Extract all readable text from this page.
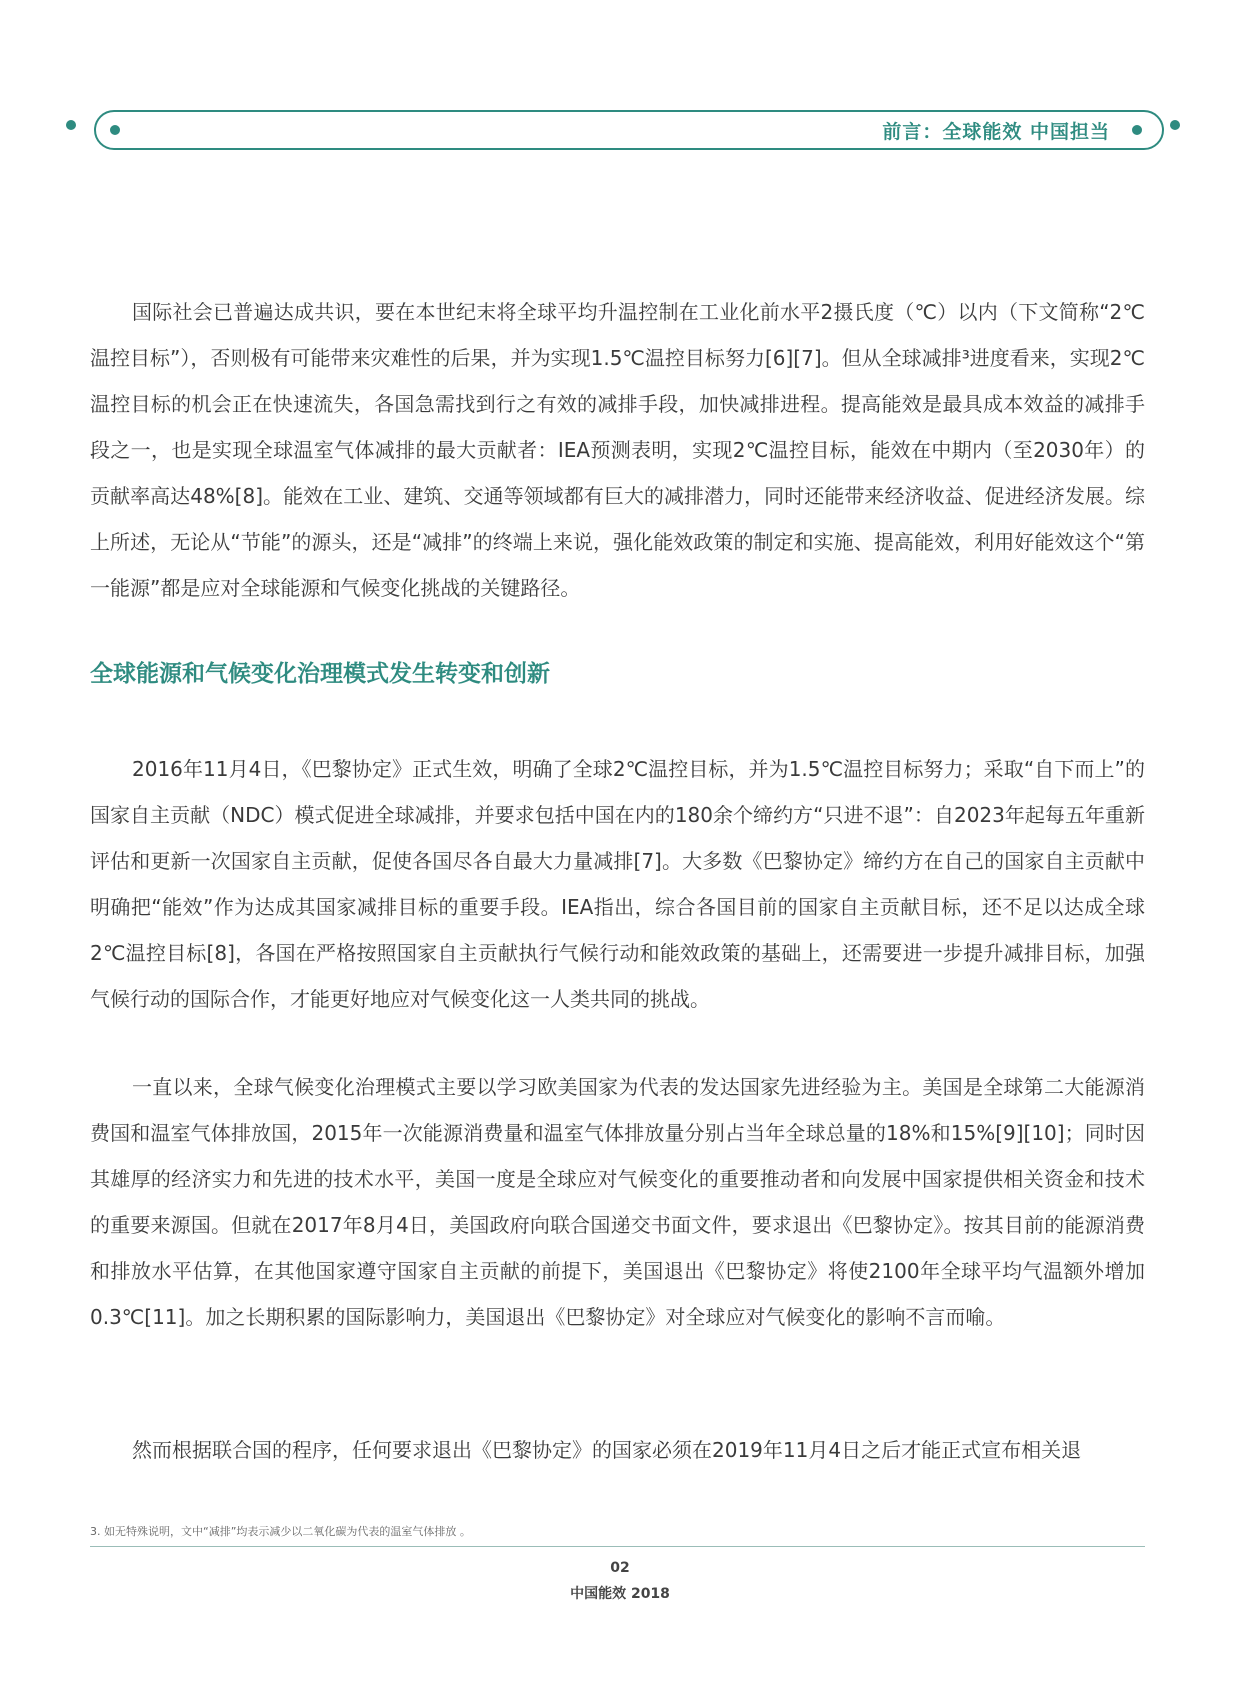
前言：全球能效 中国担当

国际社会已普遍达成共识，要在本世纪末将全球平均升温控制在工业化前水平2摄氏度（℃）以内（下文简称“2℃温控目标”），否则极有可能带来灾难性的后果，并为实现1.5℃温控目标努力[6][7]。但从全球减排³进度看来，实现2℃温控目标的机会正在快速流失，各国急需找到行之有效的减排手段，加快减排进程。提高能效是最具成本效益的减排手段之一，也是实现全球温室气体减排的最大贡献者：IEA预测表明，实现2℃温控目标，能效在中期内（至2030年）的贡献率高达48%[8]。能效在工业、建筑、交通等领域都有巨大的减排潜力，同时还能带来经济收益、促进经济发展。综上所述，无论从“节能”的源头，还是“减排”的终端上来说，强化能效政策的制定和实施、提高能效，利用好能效这个“第一能源”都是应对全球能源和气候变化挑战的关键路径。

全球能源和气候变化治理模式发生转变和创新

2016年11月4日，《巴黎协定》正式生效，明确了全球2℃温控目标，并为1.5℃温控目标努力；采取“自下而上”的国家自主贡献（NDC）模式促进全球减排，并要求包括中国在内的180余个缔约方“只进不退”：自2023年起每五年重新评估和更新一次国家自主贡献，促使各国尽各自最大力量减排[7]。大多数《巴黎协定》缔约方在自己的国家自主贡献中明确把“能效”作为达成其国家减排目标的重要手段。IEA指出，综合各国目前的国家自主贡献目标，还不足以达成全球2℃温控目标[8]，各国在严格按照国家自主贡献执行气候行动和能效政策的基础上，还需要进一步提升减排目标，加强气候行动的国际合作，才能更好地应对气候变化这一人类共同的挑战。

一直以来，全球气候变化治理模式主要以学习欧美国家为代表的发达国家先进经验为主。美国是全球第二大能源消费国和温室气体排放国，2015年一次能源消费量和温室气体排放量分别占当年全球总量的18%和15%[9][10]；同时因其雄厚的经济实力和先进的技术水平，美国一度是全球应对气候变化的重要推动者和向发展中国家提供相关资金和技术的重要来源国。但就在2017年8月4日，美国政府向联合国递交书面文件，要求退出《巴黎协定》。按其目前的能源消费和排放水平估算，在其他国家遵守国家自主贡献的前提下，美国退出《巴黎协定》将使2100年全球平均气温额外增加0.3℃[11]。加之长期积累的国际影响力，美国退出《巴黎协定》对全球应对气候变化的影响不言而喻。

然而根据联合国的程序，任何要求退出《巴黎协定》的国家必须在2019年11月4日之后才能正式宣布相关退

3. 如无特殊说明，文中“减排”均表示减少以二氧化碳为代表的温室气体排放 。
02
中国能效 2018
